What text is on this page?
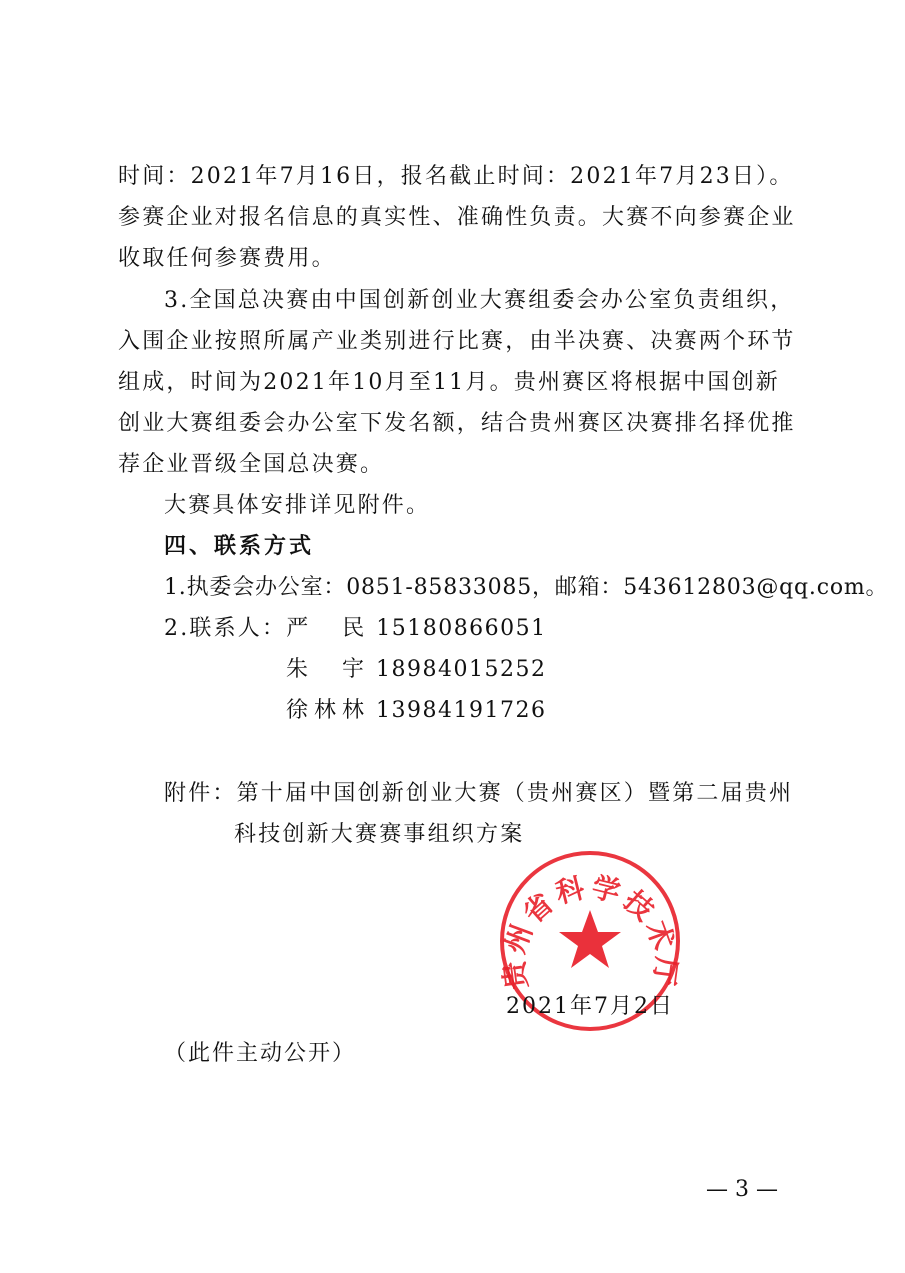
时间：2021年7月16日，报名截止时间：2021年7月23日）。
参赛企业对报名信息的真实性、准确性负责。大赛不向参赛企业
收取任何参赛费用。
3.全国总决赛由中国创新创业大赛组委会办公室负责组织，
入围企业按照所属产业类别进行比赛，由半决赛、决赛两个环节
组成，时间为2021年10月至11月。贵州赛区将根据中国创新
创业大赛组委会办公室下发名额，结合贵州赛区决赛排名择优推
荐企业晋级全国总决赛。
大赛具体安排详见附件。
四、联系方式
1.执委会办公室：0851-85833085，邮箱：543612803@qq.com。
2.联系人：严　民 15180866051
朱　宇 18984015252
徐林林 13984191726
附件：第十届中国创新创业大赛（贵州赛区）暨第二届贵州
科技创新大赛赛事组织方案
贵州省科学技术厅
2021年7月2日
（此件主动公开）
— 3 —
